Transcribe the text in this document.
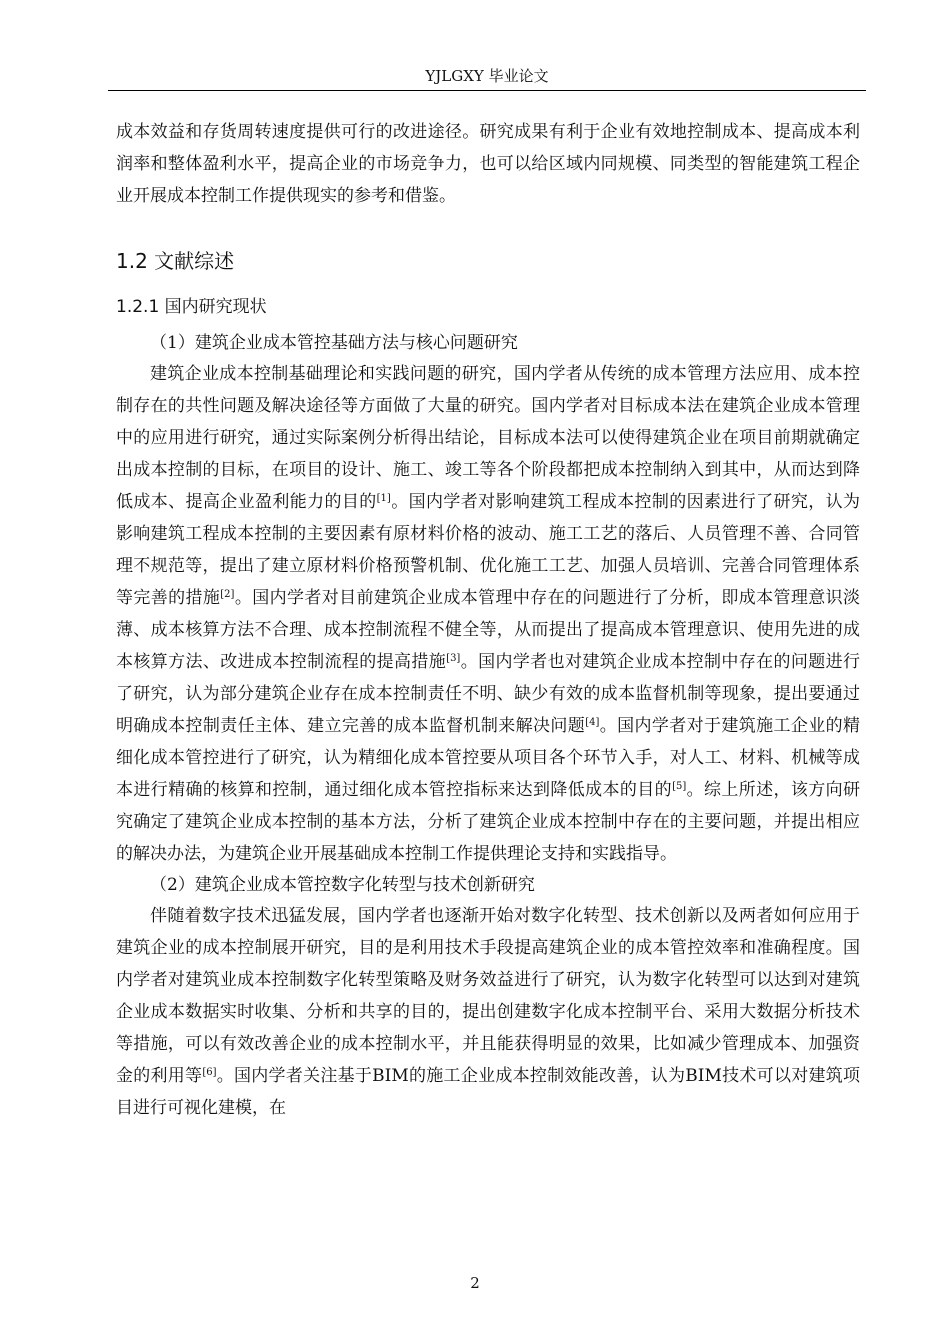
YJLGXY 毕业论文

成本效益和存货周转速度提供可行的改进途径。研究成果有利于企业有效地控制成本、提高成本利润率和整体盈利水平，提高企业的市场竞争力，也可以给区域内同规模、同类型的智能建筑工程企业开展成本控制工作提供现实的参考和借鉴。

1.2 文献综述
1.2.1 国内研究现状
（1）建筑企业成本管控基础方法与核心问题研究

建筑企业成本控制基础理论和实践问题的研究，国内学者从传统的成本管理方法应用、成本控制存在的共性问题及解决途径等方面做了大量的研究。国内学者对目标成本法在建筑企业成本管理中的应用进行研究，通过实际案例分析得出结论，目标成本法可以使得建筑企业在项目前期就确定出成本控制的目标，在项目的设计、施工、竣工等各个阶段都把成本控制纳入到其中，从而达到降低成本、提高企业盈利能力的目的[1]。国内学者对影响建筑工程成本控制的因素进行了研究，认为影响建筑工程成本控制的主要因素有原材料价格的波动、施工工艺的落后、人员管理不善、合同管理不规范等，提出了建立原材料价格预警机制、优化施工工艺、加强人员培训、完善合同管理体系等完善的措施[2]。国内学者对目前建筑企业成本管理中存在的问题进行了分析，即成本管理意识淡薄、成本核算方法不合理、成本控制流程不健全等，从而提出了提高成本管理意识、使用先进的成本核算方法、改进成本控制流程的提高措施[3]。国内学者也对建筑企业成本控制中存在的问题进行了研究，认为部分建筑企业存在成本控制责任不明、缺少有效的成本监督机制等现象，提出要通过明确成本控制责任主体、建立完善的成本监督机制来解决问题[4]。国内学者对于建筑施工企业的精细化成本管控进行了研究，认为精细化成本管控要从项目各个环节入手，对人工、材料、机械等成本进行精确的核算和控制，通过细化成本管控指标来达到降低成本的目的[5]。综上所述，该方向研究确定了建筑企业成本控制的基本方法，分析了建筑企业成本控制中存在的主要问题，并提出相应的解决办法，为建筑企业开展基础成本控制工作提供理论支持和实践指导。

（2）建筑企业成本管控数字化转型与技术创新研究

伴随着数字技术迅猛发展，国内学者也逐渐开始对数字化转型、技术创新以及两者如何应用于建筑企业的成本控制展开研究，目的是利用技术手段提高建筑企业的成本管控效率和准确程度。国内学者对建筑业成本控制数字化转型策略及财务效益进行了研究，认为数字化转型可以达到对建筑企业成本数据实时收集、分析和共享的目的，提出创建数字化成本控制平台、采用大数据分析技术等措施，可以有效改善企业的成本控制水平，并且能获得明显的效果，比如减少管理成本、加强资金的利用等[6]。国内学者关注基于BIM的施工企业成本控制效能改善，认为BIM技术可以对建筑项目进行可视化建模，在

2
